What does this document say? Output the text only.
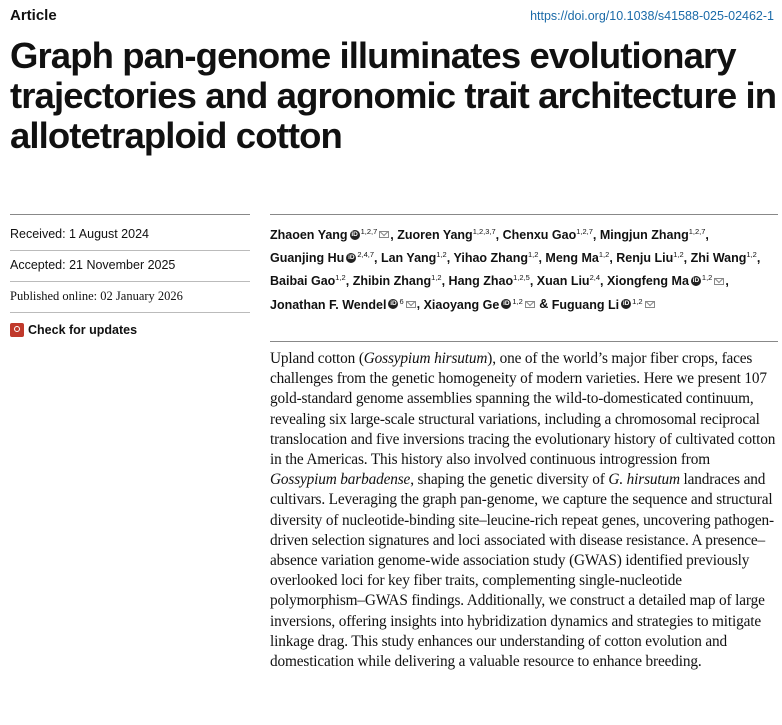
Article	https://doi.org/10.1038/s41588-025-02462-1
Graph pan-genome illuminates evolutionary trajectories and agronomic trait architecture in allotetraploid cotton
Received: 1 August 2024
Accepted: 21 November 2025
Published online: 02 January 2026
Check for updates
Zhaoen Yang iD $^{1,2,7}$ , Zuoren Yang$^{1,2,3,7}$, Chenxu Gao$^{1,2,7}$, Mingjun Zhang$^{1,2,7}$, Guanjing Hu iD $^{2,4,7}$, Lan Yang$^{1,2}$, Yihao Zhang$^{1,2}$, Meng Ma$^{1,2}$, Renju Liu$^{1,2}$, Zhi Wang$^{1,2}$, Baibai Gao$^{1,2}$, Zhibin Zhang$^{1,2}$, Hang Zhao$^{1,2,5}$, Xuan Liu$^{2,4}$, Xiongfeng Ma iD $^{1,2}$ , Jonathan F. Wendel iD $^6$ , Xiaoyang Ge iD $^{1,2}$ & Fuguang Li iD $^{1,2}$
Upland cotton (Gossypium hirsutum), one of the world’s major fiber crops, faces challenges from the genetic homogeneity of modern varieties. Here we present 107 gold-standard genome assemblies spanning the wild-to-domesticated continuum, revealing six large-scale structural variations, including a chromosomal reciprocal translocation and five inversions tracing the evolutionary history of cultivated cotton in the Americas. This history also involved continuous introgression from Gossypium barbadense, shaping the genetic diversity of G. hirsutum landraces and cultivars. Leveraging the graph pan-genome, we capture the sequence and structural diversity of nucleotide-binding site–leucine-rich repeat genes, uncovering pathogen-driven selection signatures and loci associated with disease resistance. A presence–absence variation genome-wide association study (GWAS) identified previously overlooked loci for key fiber traits, complementing single-nucleotide polymorphism–GWAS findings. Additionally, we construct a detailed map of large inversions, offering insights into hybridization dynamics and strategies to mitigate linkage drag. This study enhances our understanding of cotton evolution and domestication while delivering a valuable resource to enhance breeding.
